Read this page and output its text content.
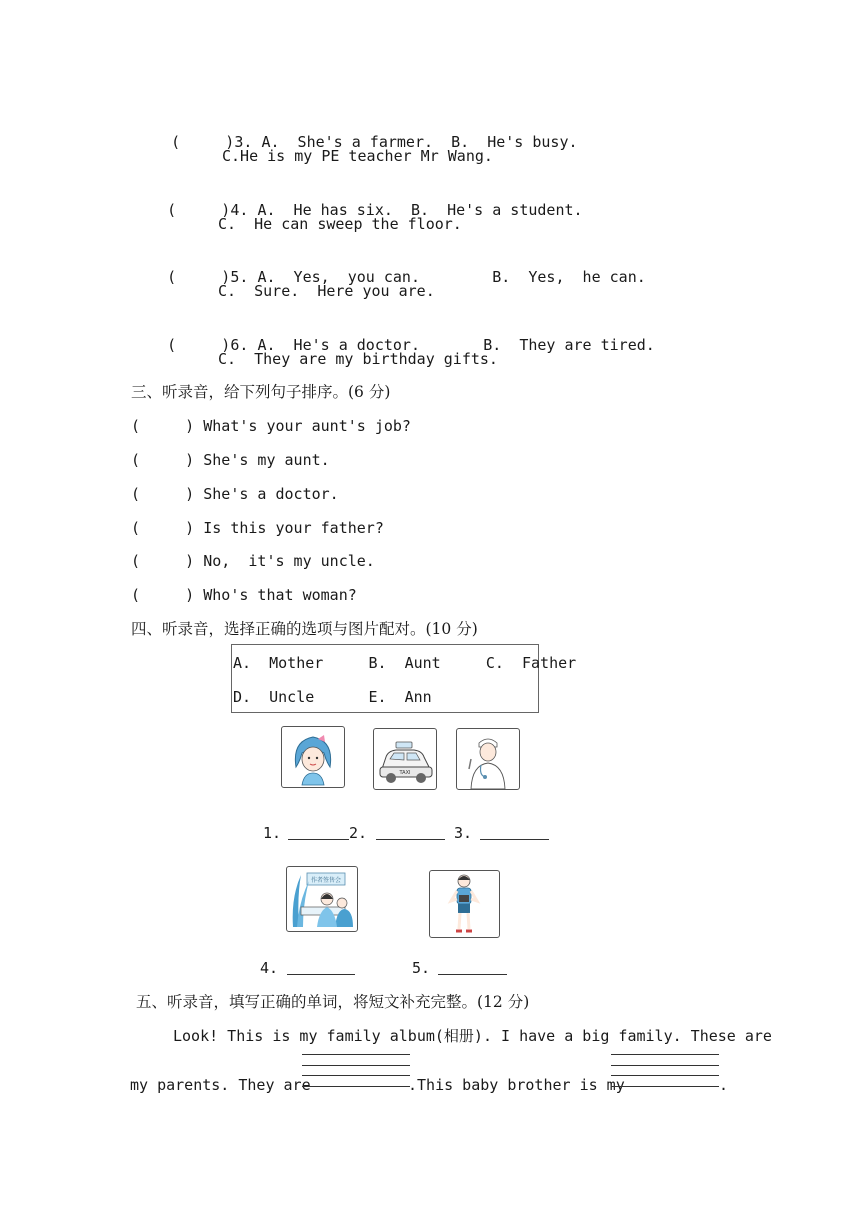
(     )3. A.  She's a farmer.  B.  He's busy.

C.He is my PE teacher Mr Wang.

(     )4. A.  He has six.  B.  He's a student.

C.  He can sweep the floor.

(     )5. A.  Yes,  you can.        B.  Yes,  he can.

C.  Sure.  Here you are.

(     )6. A.  He's a doctor.       B.  They are tired.

C.  They are my birthday gifts.
三、听录音，给下列句子排序。(6 分)
(     ) What's your aunt's job?
(     ) She's my aunt.
(     ) She's a doctor.
(     ) Is this your father?
(     ) No,  it's my uncle.
(     ) Who's that woman?
四、听录音，选择正确的选项与图片配对。(10 分)
A.  Mother     B.  Aunt     C.  Father
D.  Uncle      E.  Ann
TAXI
1.	2.	3.
作者签售会
4.	5.
五、听录音，填写正确的单词，将短文补充完整。(12 分)
Look! This is my family album(相册). I have a big family. These are
my parents. They are	.This baby brother is my	.
